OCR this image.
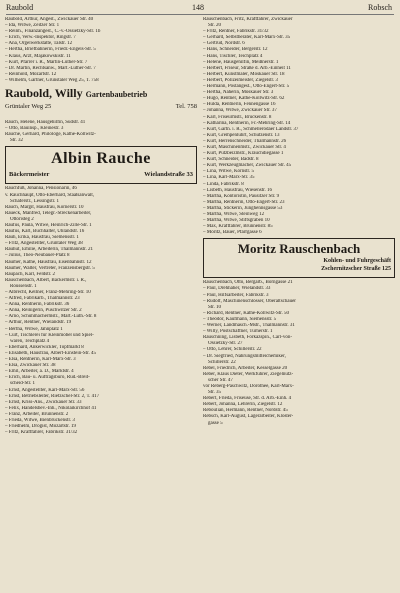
Raubold	148	Robsch
Raubold, Arthur, Angest., Zwickauer Str. 40
– Ida, Witwe, Zeitzer Str. 1
– Reinh., Finanzangest., C.-v.-Ossietzky-Str. 1b
– Erich, Verw.-Inspektor, Ringstr. 7
– Ana, Orgelwerkstätte, Talstr. 12
– Hertha, Briefbahnerin, Friedr.-Engels-Str. 5
– Klaus, Arzt, Majakowskistr. 11
– Kurt, Pfarrer i. R., Martin-Luther-Str. 7
– Dr. Martin, Rechtsanw., Mart.-Luther-Str. 7
– Reinhold, Mozartstr. 12
– Wilhelm, Gärtner, Grünstaler Weg 25, T. 758
Raubold, Willy Gartenbaubetrieb
Grüntaler Weg 25	Tel. 758
Rauch, Helene, Hausgehilfin, Südstr. 41
– Otto, Bauinsp., Kleinestr. 3
Rauche, Gerhard, Philologe, Käthe-Kollwitz-
Str. 32
Albin Rauche
Bäckermeister	Wielandstraße 33
Rauchfuß, Johanna, Pensionärin, 46
v. Rauchhaupt, Otto-Eberhard, Staatsanwalt,
Schäferstr., Lessingstr. 1
Rauch, Margit, Hausfrau, Körnerstr. 10
Raueck, Manfred, Telegr.-Streckenarbeiter,
Ottoristeg 2
Raufus, Paula, Witwe, Heinrich-Zille-Str. 1
Raufus, Karl, Buchhalter, Uhlandstr. 16
Rauh, Erika, Hausfrau, Siemensstr. 1
– Fritz, Angestellter, Grüntaler Weg 38
Rauhut, Emilie, Arbeiterin, Thälmannstr. 21
– Julius, Theo-Neubauer-Platz 8
Raumer, Käthe, Hausfrau, Eisenbahnstr. 12
Raumer, Walter, Vertreter, Franzensbergstr. 5
Raupach, Karl, Feldstr. 2
Rauschenbach, Albert, Bäckermstr. i. R.,
Roussenstr. 1
– Albrecht, Kellner, Franz-Mehring-Str. 10
– Alfred, Fabrikarb., Thälmannstr. 23
– Anna, Rentnerin, Fabrikstr. 36
– Anna, Reinigerin, Puschwitzer Str. 2
– Arno, Schuhmachermstr., Mart.-Luth.-Str. 8
– Arthur, Rentner, Wielandstr. 19
– Bertha, Witwe, Jahnplatz 1
– Curt, Tischlerei für Kleinmöbel und Spiel-
waren, Teichplatz 4
– Eberhard, Ankerwickler, Topfmarkt 8
– Elisabeth, Hausfrau, Albert-Einstein-Str. 45
– Elsa, Rentnerin, Karl-Marx-Str. 3
– Elsa, Zwickauer Str. 38
– Emil, Arbeiter, a. D., Marktstr. 4
– Erich, Bau- u. Auftragsbüro, Rud.-Breit-
scheid-Str. 1
– Ernst, Angestellter, Karl-Marx-Str. 56
– Ernst, Betriebsleiter, Rietzschel-Str. 2, T. 417
– Ernst, Kriss-Ans., Zwickauer Str. 33
– Felix, Handelsbev.-Inh., Nikolaikirchhof 41
– Franz, Arbeiter, Brunnenstr. 2
– Frieda, Witwe, Bienbrückenstr. 3
– Friedhelm, Drogist, Mozartstr. 19
– Fritz, Kraftfahrer, Fabrikstr. 31/32
Rauschenbach, Fritz, Kraftfahrer, Zwickauer
Str. 20
– Fritz, Rentner, Fabrikstr. 31/32
– Gerhard, Selbstberater, Karl-Marx-Str. 35
– Gertrud, Nordstr. 6
– Hans, Schneider, Bergerstr. 12
– Hans, Tischler, Teichplatz 4
– Helene, Hausgehilfin, Meißnerstr. 1
– Herbert, Friseur, Straße d. Arb.-Einheit 11
– Herbert, Kunstmaler, Moskauer Str. 18
– Herbert, Polizeimeister, Ziegelstr. 3
– Hermann, Postangest., Otto-Engert-Str. 5
– Hertha, Näherin, Moskauer Str. 3
– Hugo, Rentner, Käthe-Kollwitz-Str. 62
– Hulda, Rentnerin, Fennengasse 16
– Johanna, Witwe, Zwickauer Str. 37
– Karl, Friseurmstr., Brückenstr. 8
– Katharina, Rentnerin, Fr.-Mehring-Str. 14
– Kurt, Gärtn. i. R., Schmellerodaer Landstr. 37
– Kurt, Grempenlührt, Schützenstr. 13
– Kurt, Herrenschneider, Thälmannstr. 26
– Kurt, Maschinenmstr., Zwickauer Str. 4
– Kurt, Putzbeizmstr., Kräuchdiegasse 1
– Kurt, Schneider, Badstr. 8
– Kurt, Werkzeugmacher, Zwickauer Str. 45
– Lina, Witwe, Kornstr. 5
– Lina, Karl-Marx-Str. 35
– Linda, Fabrikstr. 8
– Lisbeth, Hausfrau, Wiesenstr. 16
– Martha, Kontoristin, Pausitzer Str. 9
– Martha, Rentnerin, Otto-Engert-Str. 23
– Martha, Stickerin, Junghennsgasse 53
– Martha, Witwe, Steinweg 12
– Martha, Witwe, Stiftsgraben 10
– Max, Kraftfahrer, Brunnenstr. 85
– Moritz, Bauer, Pfarrgasse 6
Moritz Rauschenbach
Kohlen- und Fuhrgeschäft
Zschernitzscher Straße 125
Rauschenbach, Otto, Bergarb., Borngasse 21
– Paul, Drehhäher, Wielandstr. 33
– Paul, Hilfsarbeiter, Fabrikstr. 3
– Rudolf, Maschinenschlosser, Oberaltschauer
Str. 10
– Richard, Rentner, Käthe-Kollwitz-Str. 50
– Theodor, Kaufmann, Siemensstr. 5
– Werner, Landmasch.-Mstr., Thälmannstr. 31
– Willy, Postschaffner, Turnerstr. 1
Rauschning, Lisbeth, Förkazspin., Carl-von-
Ossietzky-Str. 27
– Otto, Lehrer, Schillerstr. 22
– Dr. Siegfried, Nahrungsmitteichemiker,
Schillerstr. 22
Rebel, Friedrich, Arbeiter, Kesselgasse 20
Reber, Klaus Dieter, Werkführer, Ziegelnutz-
scher Str. 47
vor Reberg-Paschwitz, Dorothee, Karl-Marx-
Str. 35
Rebert, Frieda, Friseuse, Str. d. Arb.-Einh. 4
Rebert, Johanna, Lehrerin, Ziegelstr. 12
Reboulian, Hermann, Rentner, Nordstr. 45
Rebsch, Karl-August, Lagerarbeiter, Kloster-
gasse 5
